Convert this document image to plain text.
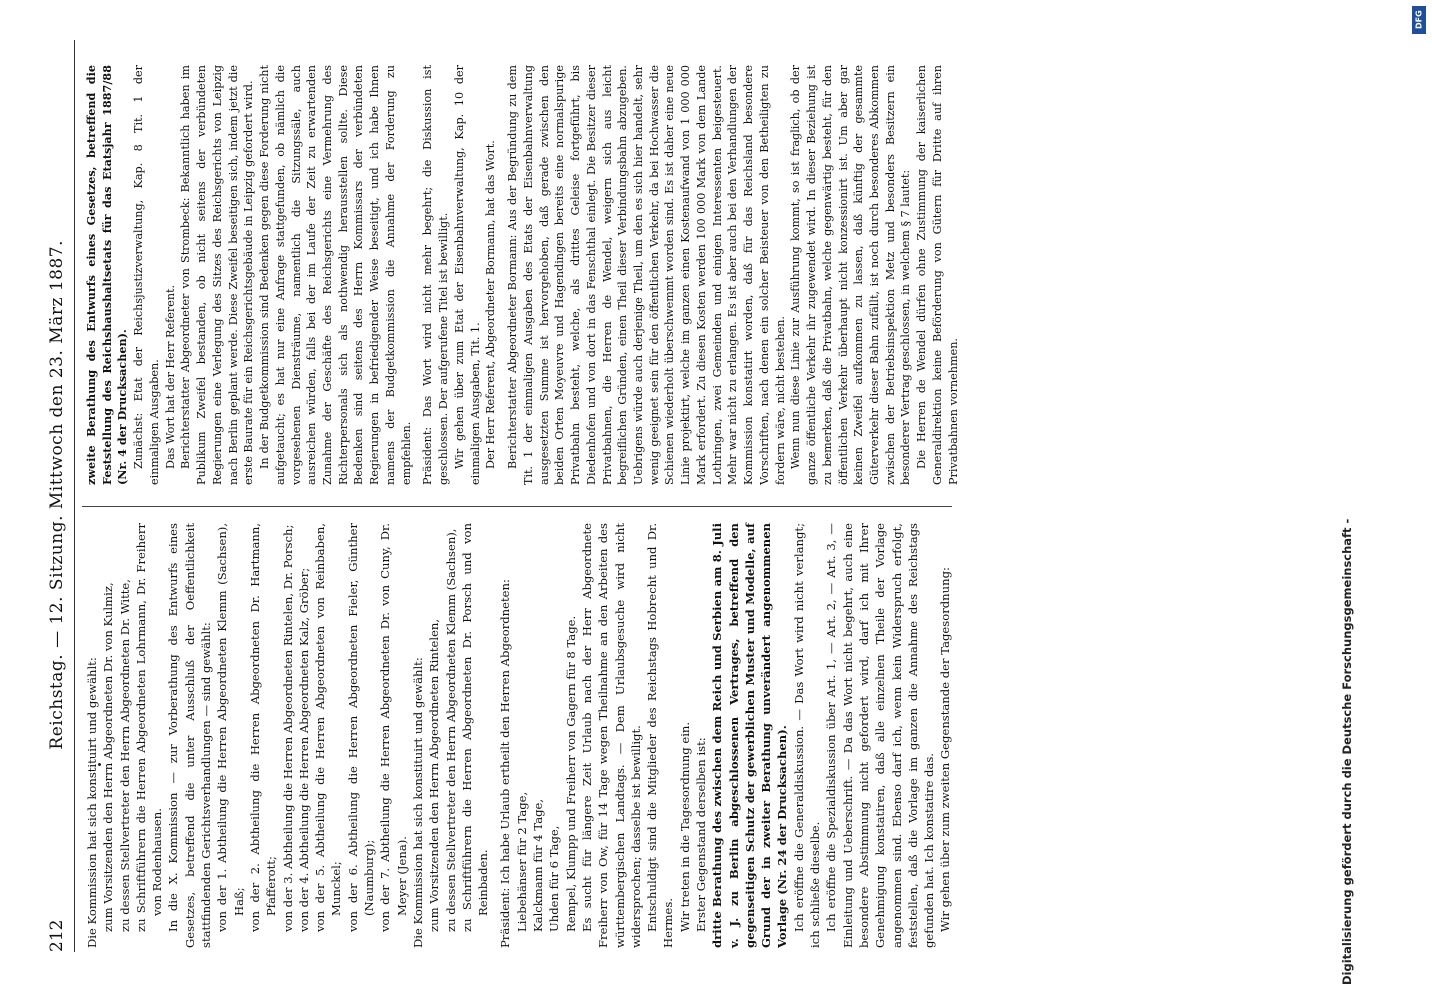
212
Reichstag. — 12. Sitzung. Mittwoch den 23. März 1887.

Die Kommission hat sich konstituirt und gewählt: zum Vorsitzenden den Herrn Abgeordneten Dr. von Kulmiz, zu dessen Stellvertreter den Herrn Abgeordneten Dr. Witte, zu Schriftführern die Herren Abgeordneten Lohrmann, Dr. Freiherr von Rodenhausen. In die X. Kommission — zur Vorberathung des Entwurfs eines Gesetzes, betreffend die unter Ausschluß der Oeffentlichkeit stattfindenden Gerichtsverhandlungen — sind gewählt: von der 1. Abtheilung die Herren Abgeordneten Klemm (Sachsen), Haß; von der 2. Abtheilung die Herren Abgeordneten Dr. Hartmann, Pfafferott; von der 3. Abtheilung die Herren Abgeordneten Rintelen, Dr. Porsch; von der 4. Abtheilung die Herren Abgeordneten Kalz, Gröber; von der 5. Abtheilung die Herren Abgeordneten von Reinbaben, Munckel; von der 6. Abtheilung die Herren Abgeordneten Fieler, Günther (Naumburg); von der 7. Abtheilung die Herren Abgeordneten Dr. von Cuny, Dr. Meyer (Jena). Die Kommission hat sich konstituirt und gewählt: zum Vorsitzenden den Herrn Abgeordneten Rintelen, zu dessen Stellvertreter den Herrn Abgeordneten Klemm (Sachsen), zu Schriftführern die Herren Abgeordneten Dr. Porsch und von Reinbaden. Präsident: Ich habe Urlaub ertheilt den Herren Abgeordneten: Liebehänser für 2 Tage, Kalckmann für 4 Tage, Uhden für 6 Tage, Rempel, Klumpp und Freiherr von Gagern für 8 Tage. Es sucht für längere Zeit Urlaub nach der Herr Abgeordnete Freiherr von Ow, für 14 Tage wegen Theilnahme an den Arbeiten des württembergischen Landtags. — Dem Urlaubsgesuche wird nicht widersprochen; dasselbe ist bewilligt. Entschuldigt sind die Mitglieder des Reichstags Hobrecht und Dr. Hermes. Wir treten in die Tagesordnung ein. Erster Gegenstand derselben ist: dritte Berathung des zwischen dem Reich und Serbien am 8. Juli v. J. zu Berlin abgeschlossenen Vertrages, betreffend den gegenseitigen Schutz der gewerblichen Muster und Modelle, auf Grund der in zweiter Berathung unverändert angenommenen Vorlage (Nr. 24 der Drucksachen). Ich eröffne die Generaldiskussion. — Das Wort wird nicht verlangt; ich schließe dieselbe. Ich eröffne die Spezialdiskussion über Art. 1, — Art. 2, — Art. 3, — Einleitung und Ueberschrift. — Da das Wort nicht begehrt, auch eine besondere Abstimmung nicht gefordert wird, darf ich mit Ihrer Genehmigung konstatiren, daß alle einzelnen Theile der Vorlage angenommen sind. Ebenso darf ich, wenn kein Widerspruch erfolgt, feststellen, daß die Vorlage im ganzen die Annahme des Reichstags gefunden hat. Ich konstatire das. Wir gehen über zum zweiten Gegenstande der Tagesordnung:

zweite Berathung des Entwurfs eines Gesetzes, betreffend die Feststellung des Reichshaushaltsetats für das Etatsjahr 1887/88 (Nr. 4 der Drucksachen). Zunächst: Etat der Reichsjustizverwaltung, Kap. 8 Tit. 1 der einmaligen Ausgaben. Das Wort hat der Herr Referent. Berichterstatter Abgeordneter von Strombeck: Bekanntlich haben im Publikum Zweifel bestanden, ob nicht seitens der verbündeten Regierungen eine Verlegung des Sitzes des Reichsgerichts von Leipzig nach Berlin geplant werde. Diese Zweifel beseitigen sich, indem jetzt die erste Baurate für ein Reichsgerichtsgebäude in Leipzig gefordert wird. In der Budgetkommission sind Bedenken gegen diese Forderung nicht aufgetaucht; es hat nur eine Anfrage stattgefunden, ob nämlich die vorgesehenen Diensträume, namentlich die Sitzungssäle, auch ausreichen würden, falls bei der im Laufe der Zeit zu erwartenden Zunahme der Geschäfte des Reichsgerichts eine Vermehrung des Richterpersonals sich als nothwendig herausstellen sollte. Diese Bedenken sind seitens des Herrn Kommissars der verbündeten Regierungen in befriedigender Weise beseitigt, und ich habe Ihnen namens der Budgetkommission die Annahme der Forderung zu empfehlen. Präsident: Das Wort wird nicht mehr begehrt; die Diskussion ist geschlossen. Der aufgerufene Titel ist bewilligt. Wir gehen über zum Etat der Eisenbahnverwaltung, Kap. 10 der einmaligen Ausgaben, Tit. 1. Der Herr Referent, Abgeordneter Bormann, hat das Wort. Berichterstatter Abgeordneter Bormann: Aus der Begründung zu dem Tit. 1 der einmaligen Ausgaben des Etats der Eisenbahnverwaltung ausgesetzten Summe ist hervorgehoben, daß gerade zwischen den beiden Orten Moyeuvre und Hagendingen bereits eine normalspurige Privatbahn besteht, welche, als drittes Geleise fortgeführt, bis Diedenhofen und von dort in das Fenschthal einlegt. Die Besitzer dieser Privatbahnen, die Herren de Wendel, weigern sich aus leicht begreiflichen Gründen, einen Theil dieser Verbindungsbahn abzugeben. Uebrigens würde auch derjenige Theil, um den es sich hier handelt, sehr wenig geeignet sein für den öffentlichen Verkehr, da bei Hochwasser die Schienen wiederholt überschwemmt worden sind. Es ist daher eine neue Linie projektirt, welche im ganzen einen Kostenaufwand von 1 000 000 Mark erfordert. Zu diesen Kosten werden 100 000 Mark von dem Lande Lothringen, zwei Gemeinden und einigen Interessenten beigesteuert. Mehr war nicht zu erlangen. Es ist aber auch bei den Verhandlungen der Kommission konstatirt worden, daß für das Reichsland besondere Vorschriften, nach denen ein solcher Beisteuer von den Betheiligten zu fordern wäre, nicht bestehen. Wenn nun diese Linie zur Ausführung kommt, so ist fraglich, ob der ganze öffentliche Verkehr ihr zugewendet wird. In dieser Beziehung ist zu bemerken, daß die Privatbahn, welche gegenwärtig besteht, für den öffentlichen Verkehr überhaupt nicht konzessionirt ist. Um aber gar keinen Zweifel aufkommen zu lassen, daß künftig der gesammte Güterverkehr dieser Bahn zufällt, ist noch durch besonderes Abkommen zwischen der Betriebsinspektion Metz und besonders Besitzern ein besonderer Vertrag geschlossen, in welchem § 7 lautet: Die Herren de Wendel dürfen ohne Zustimmung der kaiserlichen Generaldirektion keine Beförderung von Gütern für Dritte auf ihren Privatbahnen vornehmen.

Digitalisierung gefördert durch die Deutsche Forschungsgemeinschaft -
DFG
